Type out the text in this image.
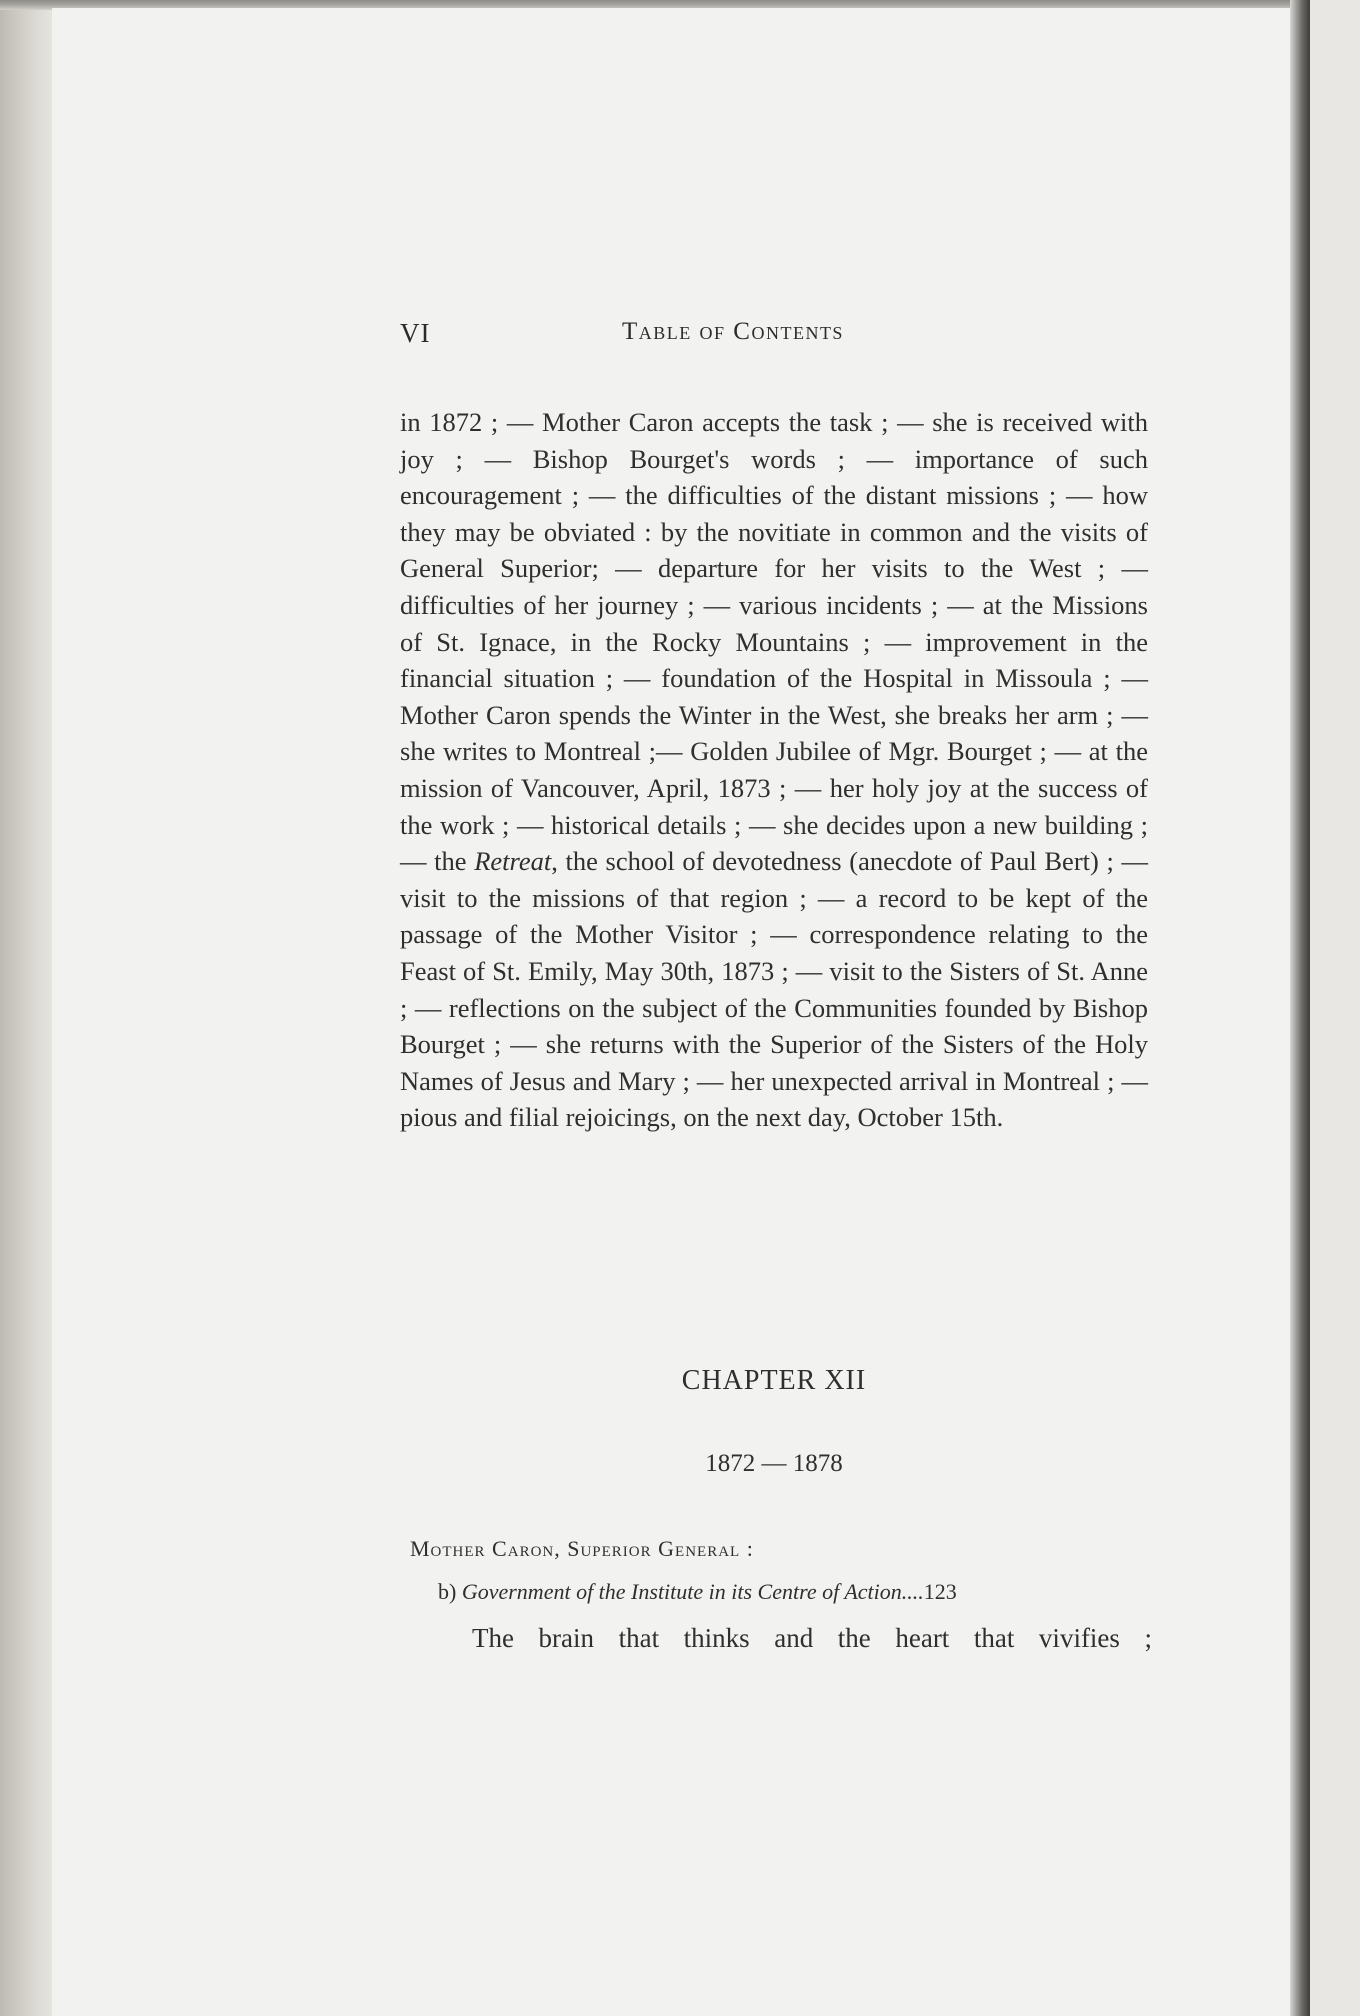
VI	Table of Contents

in 1872 ; — Mother Caron accepts the task ; — she is received with joy ; — Bishop Bourget's words ; — importance of such encouragement ; — the difficulties of the distant missions ; — how they may be obviated : by the novitiate in common and the visits of General Superior; — departure for her visits to the West ; — difficulties of her journey ; — various incidents ; — at the Missions of St. Ignace, in the Rocky Mountains ; — improvement in the financial situation ; — foundation of the Hospital in Missoula ; — Mother Caron spends the Winter in the West, she breaks her arm ; — she writes to Montreal ;— Golden Jubilee of Mgr. Bourget ; — at the mission of Vancouver, April, 1873 ; — her holy joy at the success of the work ; — historical details ; — she decides upon a new building ; — the Retreat, the school of devotedness (anecdote of Paul Bert) ; — visit to the missions of that region ; — a record to be kept of the passage of the Mother Visitor ; — correspondence relating to the Feast of St. Emily, May 30th, 1873 ; — visit to the Sisters of St. Anne ; — reflections on the subject of the Communities founded by Bishop Bourget ; — she returns with the Superior of the Sisters of the Holy Names of Jesus and Mary ; — her unexpected arrival in Montreal ; — pious and filial rejoicings, on the next day, October 15th.

CHAPTER XII
1872 — 1878
Mother Caron, Superior General :
b) Government of the Institute in its Centre of Action....123
The brain that thinks and the heart that vivifies ;
